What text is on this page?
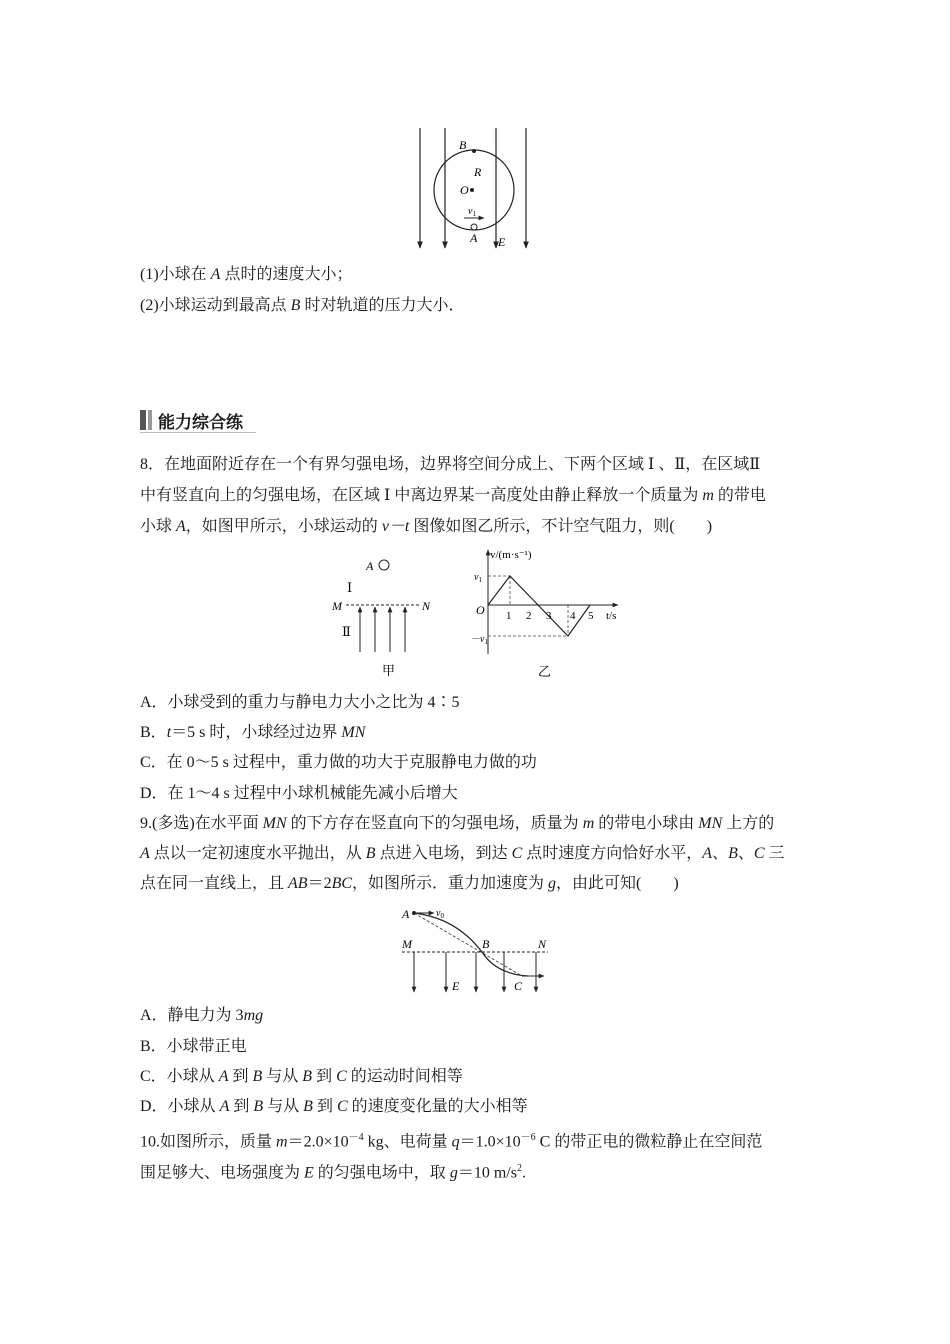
B
R
O
$v_1$
A E
(1)小球在 A 点时的速度大小；
(2)小球运动到最高点 B 时对轨道的压力大小．
能力综合练
8．在地面附近存在一个有界匀强电场，边界将空间分成上、下两个区域 Ⅰ 、Ⅱ，在区域Ⅱ
中有竖直向上的匀强电场，在区域 Ⅰ 中离边界某一高度处由静止释放一个质量为 m 的带电
小球 A，如图甲所示，小球运动的 v－t 图像如图乙所示，不计空气阻力，则( )
A
Ⅰ
M	N
Ⅱ
甲
v/(m·s⁻¹)
t/s
O
$v_1$
$-v_1$
1 2 3 4 5
乙
A．小球受到的重力与静电力大小之比为 4∶5
B．t＝5 s 时，小球经过边界 MN
C．在 0～5 s 过程中，重力做的功大于克服静电力做的功
D．在 1～4 s 过程中小球机械能先减小后增大
9.(多选)在水平面 MN 的下方存在竖直向下的匀强电场，质量为 m 的带电小球由 MN 上方的
A 点以一定初速度水平抛出，从 B 点进入电场，到达 C 点时速度方向恰好水平，A、B、C 三
点在同一直线上，且 AB＝2BC，如图所示．重力加速度为 g，由此可知( )
A	$v_0$
M	B	N
E	C
A．静电力为 3mg
B．小球带正电
C．小球从 A 到 B 与从 B 到 C 的运动时间相等
D．小球从 A 到 B 与从 B 到 C 的速度变化量的大小相等
10.如图所示，质量 $m=2.0\times 10^{-4}$ kg、电荷量 $q=1.0\times 10^{-6}$ C 的带正电的微粒静止在空间范
围足够大、电场强度为 E 的匀强电场中，取 g＝10 $m/s^2$.
